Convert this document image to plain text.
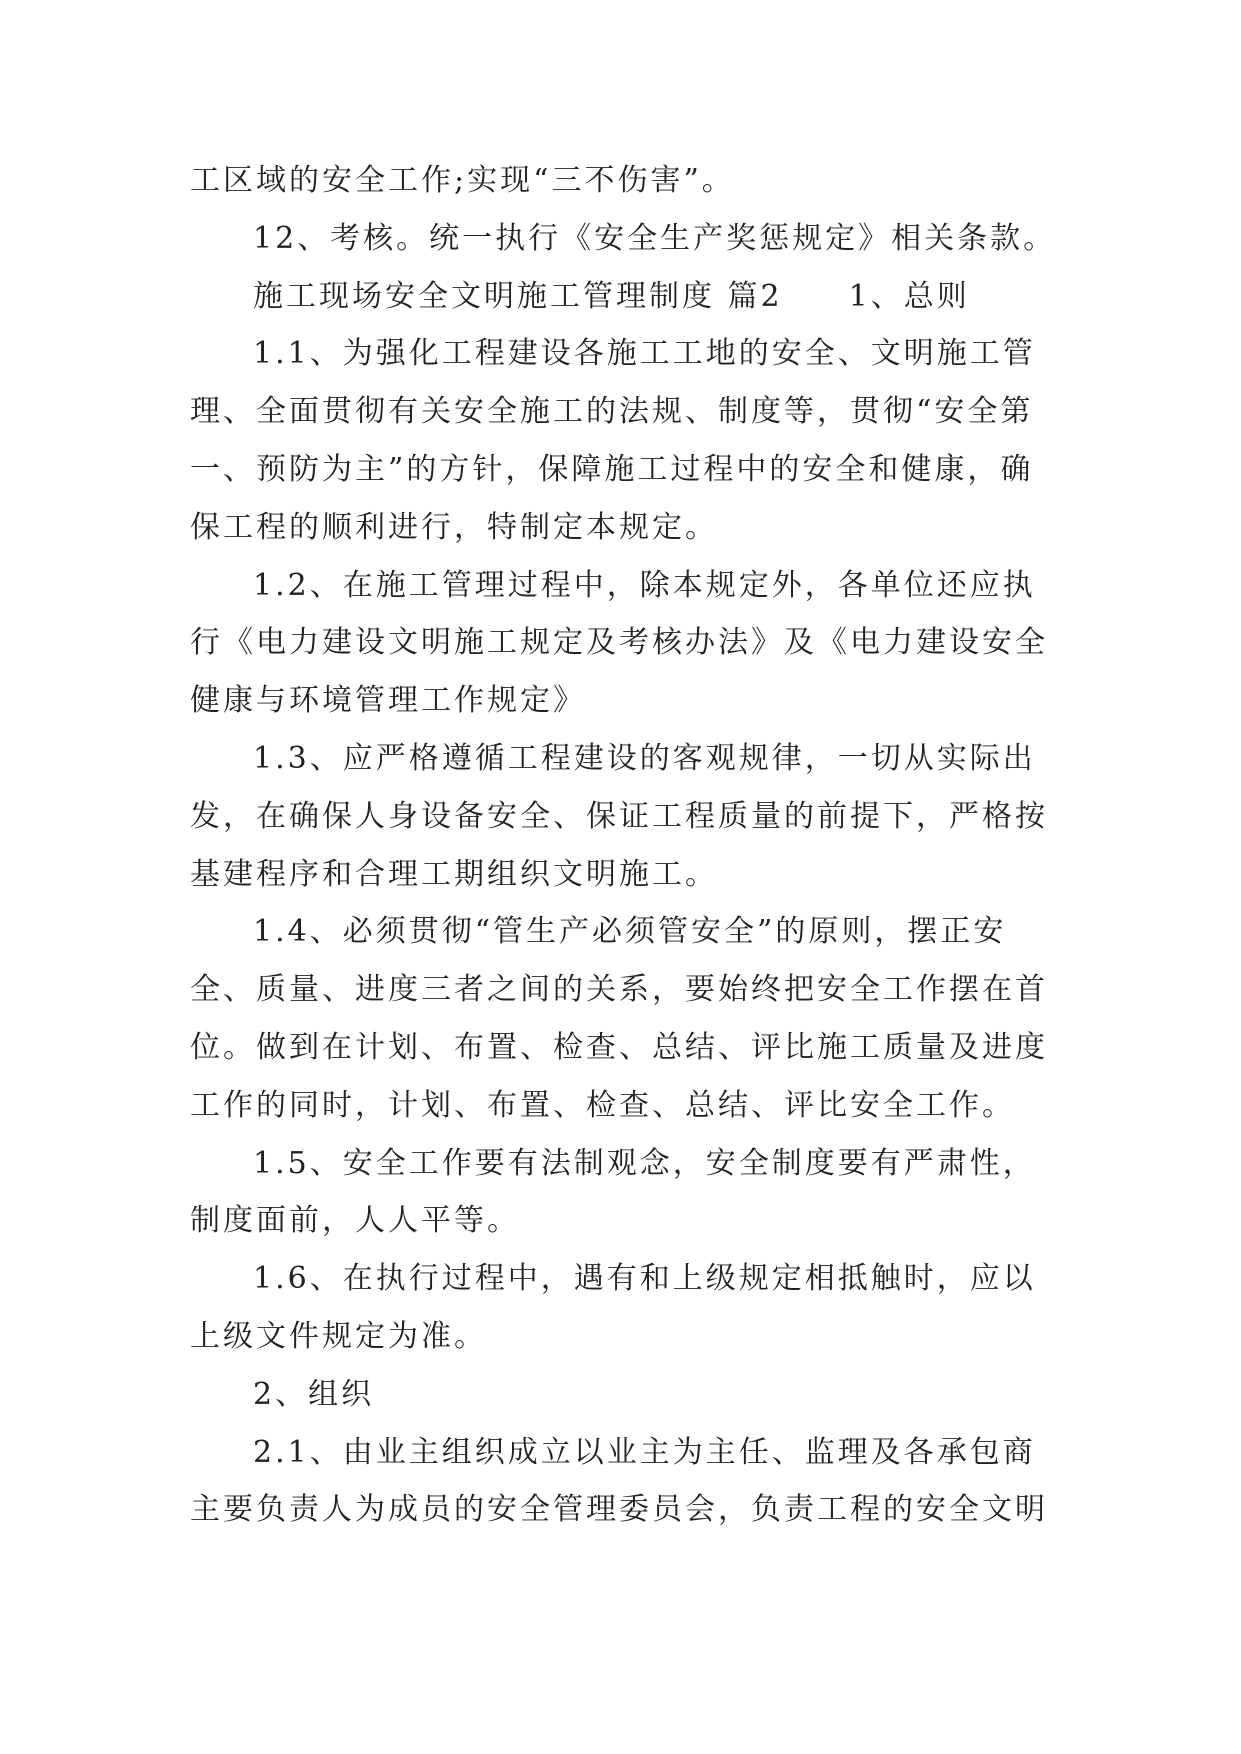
工区域的安全工作;实现“三不伤害”。
12、考核。统一执行《安全生产奖惩规定》相关条款。
施工现场安全文明施工管理制度 篇2　　1、总则
1.1、为强化工程建设各施工工地的安全、文明施工管
理、全面贯彻有关安全施工的法规、制度等，贯彻“安全第
一、预防为主”的方针，保障施工过程中的安全和健康，确
保工程的顺利进行，特制定本规定。
1.2、在施工管理过程中，除本规定外，各单位还应执
行《电力建设文明施工规定及考核办法》及《电力建设安全
健康与环境管理工作规定》
1.3、应严格遵循工程建设的客观规律，一切从实际出
发，在确保人身设备安全、保证工程质量的前提下，严格按
基建程序和合理工期组织文明施工。
1.4、必须贯彻“管生产必须管安全”的原则，摆正安
全、质量、进度三者之间的关系，要始终把安全工作摆在首
位。做到在计划、布置、检查、总结、评比施工质量及进度
工作的同时，计划、布置、检查、总结、评比安全工作。
1.5、安全工作要有法制观念，安全制度要有严肃性，
制度面前，人人平等。
1.6、在执行过程中，遇有和上级规定相抵触时，应以
上级文件规定为准。
2、组织
2.1、由业主组织成立以业主为主任、监理及各承包商
主要负责人为成员的安全管理委员会，负责工程的安全文明
